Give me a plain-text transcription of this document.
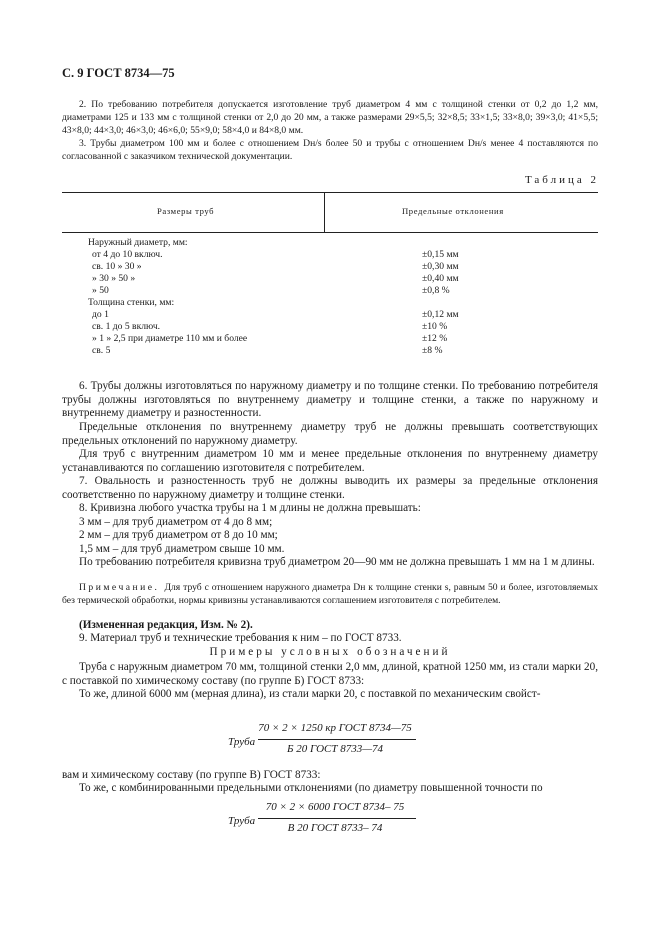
С. 9 ГОСТ 8734—75
2. По требованию потребителя допускается изготовление труб диаметром 4 мм с толщиной стенки от 0,2 до 1,2 мм, диаметрами 125 и 133 мм с толщиной стенки от 2,0 до 20 мм, а также размерами 29×5,5; 32×8,5; 33×1,5; 33×8,0; 39×3,0; 41×5,5; 43×8,0; 44×3,0; 46×3,0; 46×6,0; 55×9,0; 58×4,0 и 84×8,0 мм.
3. Трубы диаметром 100 мм и более с отношением Dн/s более 50 и трубы с отношением Dн/s менее 4 поставляются по согласованной с заказчиком технической документации.
Таблица 2
Размеры труб	Предельные отклонения
Наружный диаметр, мм:
от 4 до 10 включ.	±0,15 мм
св. 10 » 30 »	±0,30 мм
» 30 » 50 »	±0,40 мм
» 50	±0,8 %
Толщина стенки, мм:
до 1	±0,12 мм
св. 1 до 5 включ.	±10 %
» 1 » 2,5 при диаметре 110 мм и более	±12 %
св. 5	±8 %
6. Трубы должны изготовляться по наружному диаметру и по толщине стенки. По требованию потребителя трубы должны изготовляться по внутреннему диаметру и толщине стенки, а также по наружному и внутреннему диаметру и разностенности.
Предельные отклонения по внутреннему диаметру труб не должны превышать соответствующих предельных отклонений по наружному диаметру.
Для труб с внутренним диаметром 10 мм и менее предельные отклонения по внутреннему диаметру устанавливаются по соглашению изготовителя с потребителем.
7. Овальность и разностенность труб не должны выводить их размеры за предельные отклонения соответственно по наружному диаметру и толщине стенки.
8. Кривизна любого участка трубы на 1 м длины не должна превышать:
3 мм – для труб диаметром от 4 до 8 мм;
2 мм – для труб диаметром от 8 до 10 мм;
1,5 мм – для труб диаметром свыше 10 мм.
По требованию потребителя кривизна труб диаметром 20—90 мм не должна превышать 1 мм на 1 м длины.
Примечание. Для труб с отношением наружного диаметра Dн к толщине стенки s, равным 50 и более, изготовляемых без термической обработки, нормы кривизны устанавливаются соглашением изготовителя с потребителем.
(Измененная редакция, Изм. № 2).
9. Материал труб и технические требования к ним – по ГОСТ 8733.
Примеры условных обозначений
Труба с наружным диаметром 70 мм, толщиной стенки 2,0 мм, длиной, кратной 1250 мм, из стали марки 20, с поставкой по химическому составу (по группе Б) ГОСТ 8733:
То же, длиной 6000 мм (мерная длина), из стали марки 20, с поставкой по механическим свойст-
Труба
70 × 2 × 1250 кр ГОСТ 8734—75
Б 20 ГОСТ 8733—74
вам и химическому составу (по группе В) ГОСТ 8733:
То же, с комбинированными предельными отклонениями (по диаметру повышенной точности по
Труба
70 × 2 × 6000 ГОСТ 8734– 75
В 20 ГОСТ 8733– 74
